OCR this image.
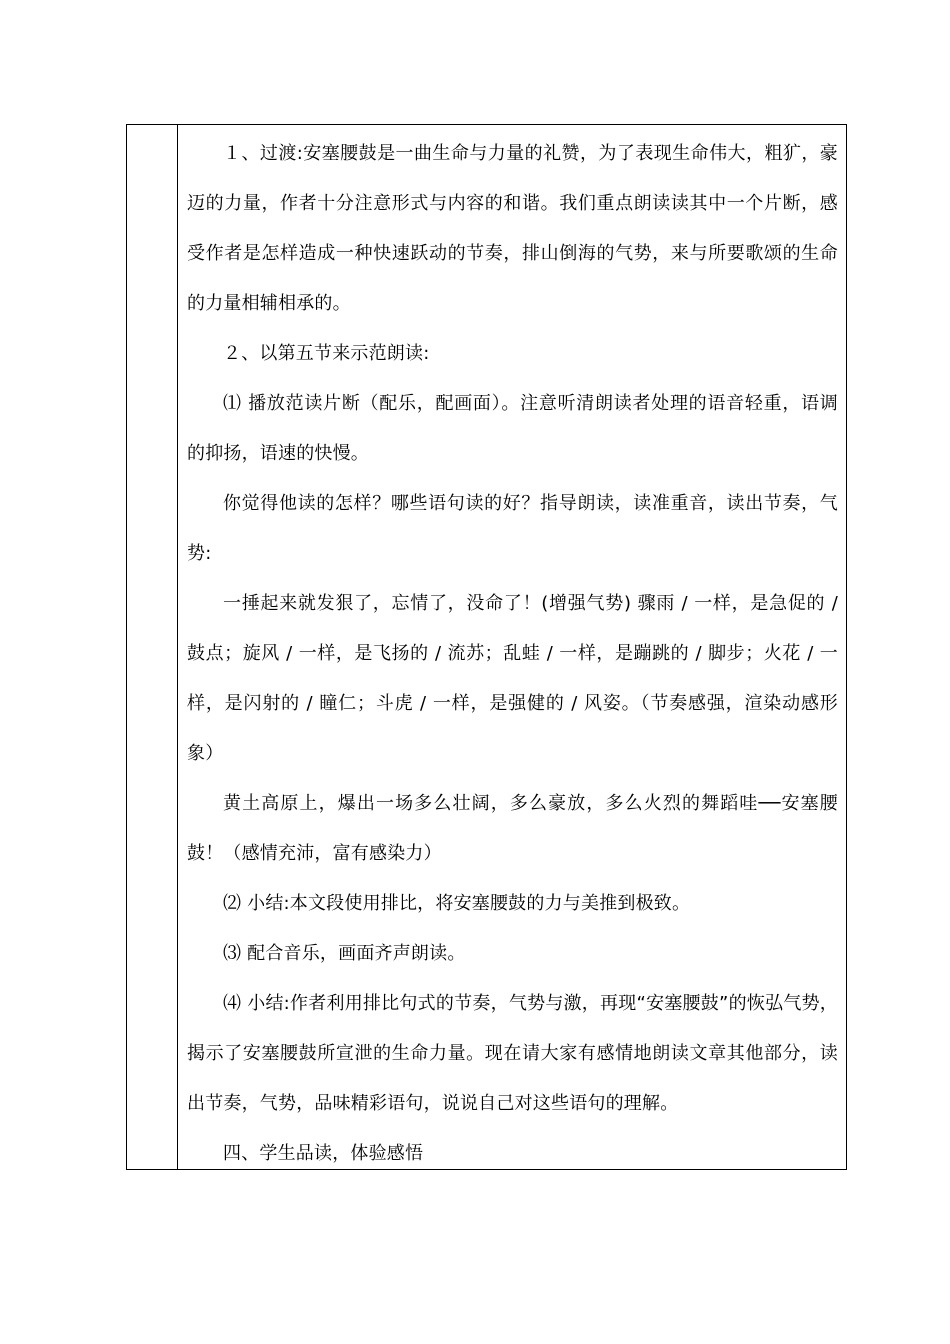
１、过渡:安塞腰鼓是一曲生命与力量的礼赞，为了表现生命伟大，粗犷，豪迈的力量，作者十分注意形式与内容的和谐。我们重点朗读读其中一个片断，感受作者是怎样造成一种快速跃动的节奏，排山倒海的气势，来与所要歌颂的生命的力量相辅相承的。

２、以第五节来示范朗读:

⑴ 播放范读片断（配乐，配画面）。注意听清朗读者处理的语音轻重，语调的抑扬，语速的快慢。

你觉得他读的怎样？哪些语句读的好？指导朗读，读准重音，读出节奏，气势:

一捶起来就发狠了，忘情了，没命了！(增强气势) 骤雨 / 一样，是急促的 / 鼓点；旋风 / 一样，是飞扬的 / 流苏；乱蛙 / 一样，是蹦跳的 / 脚步；火花 / 一样，是闪射的 / 瞳仁；斗虎 / 一样，是强健的 / 风姿。（节奏感强，渲染动感形象）

黄土高原上，爆出一场多么壮阔，多么豪放，多么火烈的舞蹈哇──安塞腰鼓！（感情充沛，富有感染力）

⑵ 小结:本文段使用排比，将安塞腰鼓的力与美推到极致。

⑶ 配合音乐，画面齐声朗读。

⑷ 小结:作者利用排比句式的节奏，气势与激，再现“安塞腰鼓”的恢弘气势，揭示了安塞腰鼓所宣泄的生命力量。现在请大家有感情地朗读文章其他部分，读出节奏，气势，品味精彩语句，说说自己对这些语句的理解。

四、学生品读，体验感悟
